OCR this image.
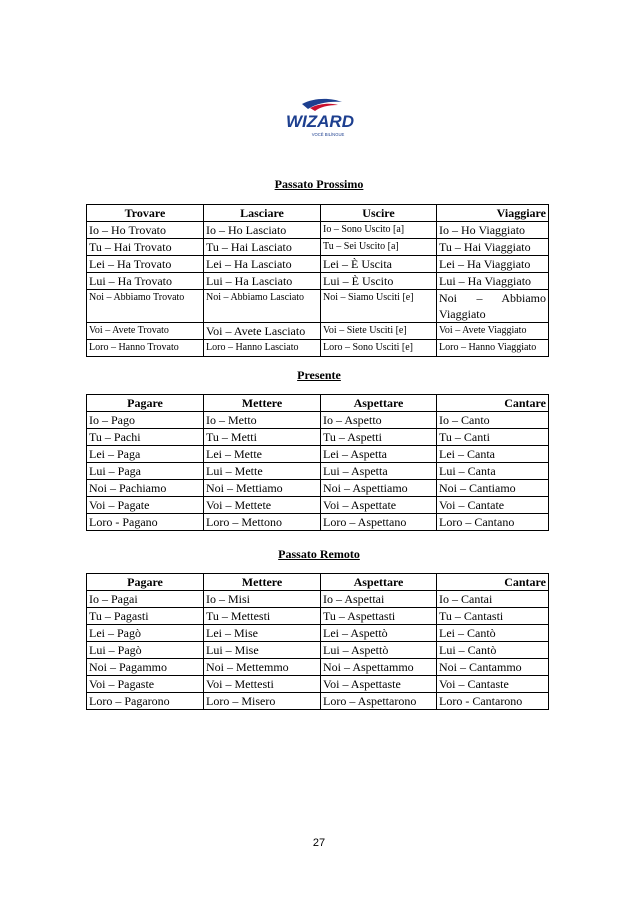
WIZARD
VOCÊ BILÍNGUE
Passato Prossimo
Trovare	Lasciare	Uscire	Viaggiare
Io – Ho Trovato	Io – Ho Lasciato	Io – Sono Uscito [a]	Io – Ho Viaggiato
Tu – Hai Trovato	Tu – Hai Lasciato	Tu – Sei Uscito [a]	Tu – Hai Viaggiato
Lei – Ha Trovato	Lei – Ha Lasciato	Lei – È Uscita	Lei – Ha Viaggiato
Lui – Ha Trovato	Lui – Ha Lasciato	Lui – È Uscito	Lui – Ha Viaggiato
Noi – Abbiamo Trovato	Noi – Abbiamo Lasciato	Noi – Siamo Usciti [e]	Noi – Abbiamo Viaggiato
Voi – Avete Trovato	Voi – Avete Lasciato	Voi – Siete Usciti [e]	Voi – Avete Viaggiato
Loro – Hanno Trovato	Loro – Hanno Lasciato	Loro – Sono Usciti [e]	Loro – Hanno Viaggiato
Presente
Pagare	Mettere	Aspettare	Cantare
Io – Pago	Io – Metto	Io – Aspetto	Io – Canto
Tu – Pachi	Tu – Metti	Tu – Aspetti	Tu – Canti
Lei – Paga	Lei – Mette	Lei – Aspetta	Lei – Canta
Lui – Paga	Lui – Mette	Lui – Aspetta	Lui – Canta
Noi – Pachiamo	Noi – Mettiamo	Noi – Aspettiamo	Noi – Cantiamo
Voi – Pagate	Voi – Mettete	Voi – Aspettate	Voi – Cantate
Loro - Pagano	Loro – Mettono	Loro – Aspettano	Loro – Cantano
Passato Remoto
Pagare	Mettere	Aspettare	Cantare
Io – Pagai	Io – Misi	Io – Aspettai	Io – Cantai
Tu – Pagasti	Tu – Mettesti	Tu – Aspettasti	Tu – Cantasti
Lei – Pagò	Lei – Mise	Lei – Aspettò	Lei – Cantò
Lui – Pagò	Lui – Mise	Lui – Aspettò	Lui – Cantò
Noi – Pagammo	Noi – Mettemmo	Noi – Aspettammo	Noi – Cantammo
Voi – Pagaste	Voi – Mettesti	Voi – Aspettaste	Voi – Cantaste
Loro – Pagarono	Loro – Misero	Loro – Aspettarono	Loro - Cantarono
27
